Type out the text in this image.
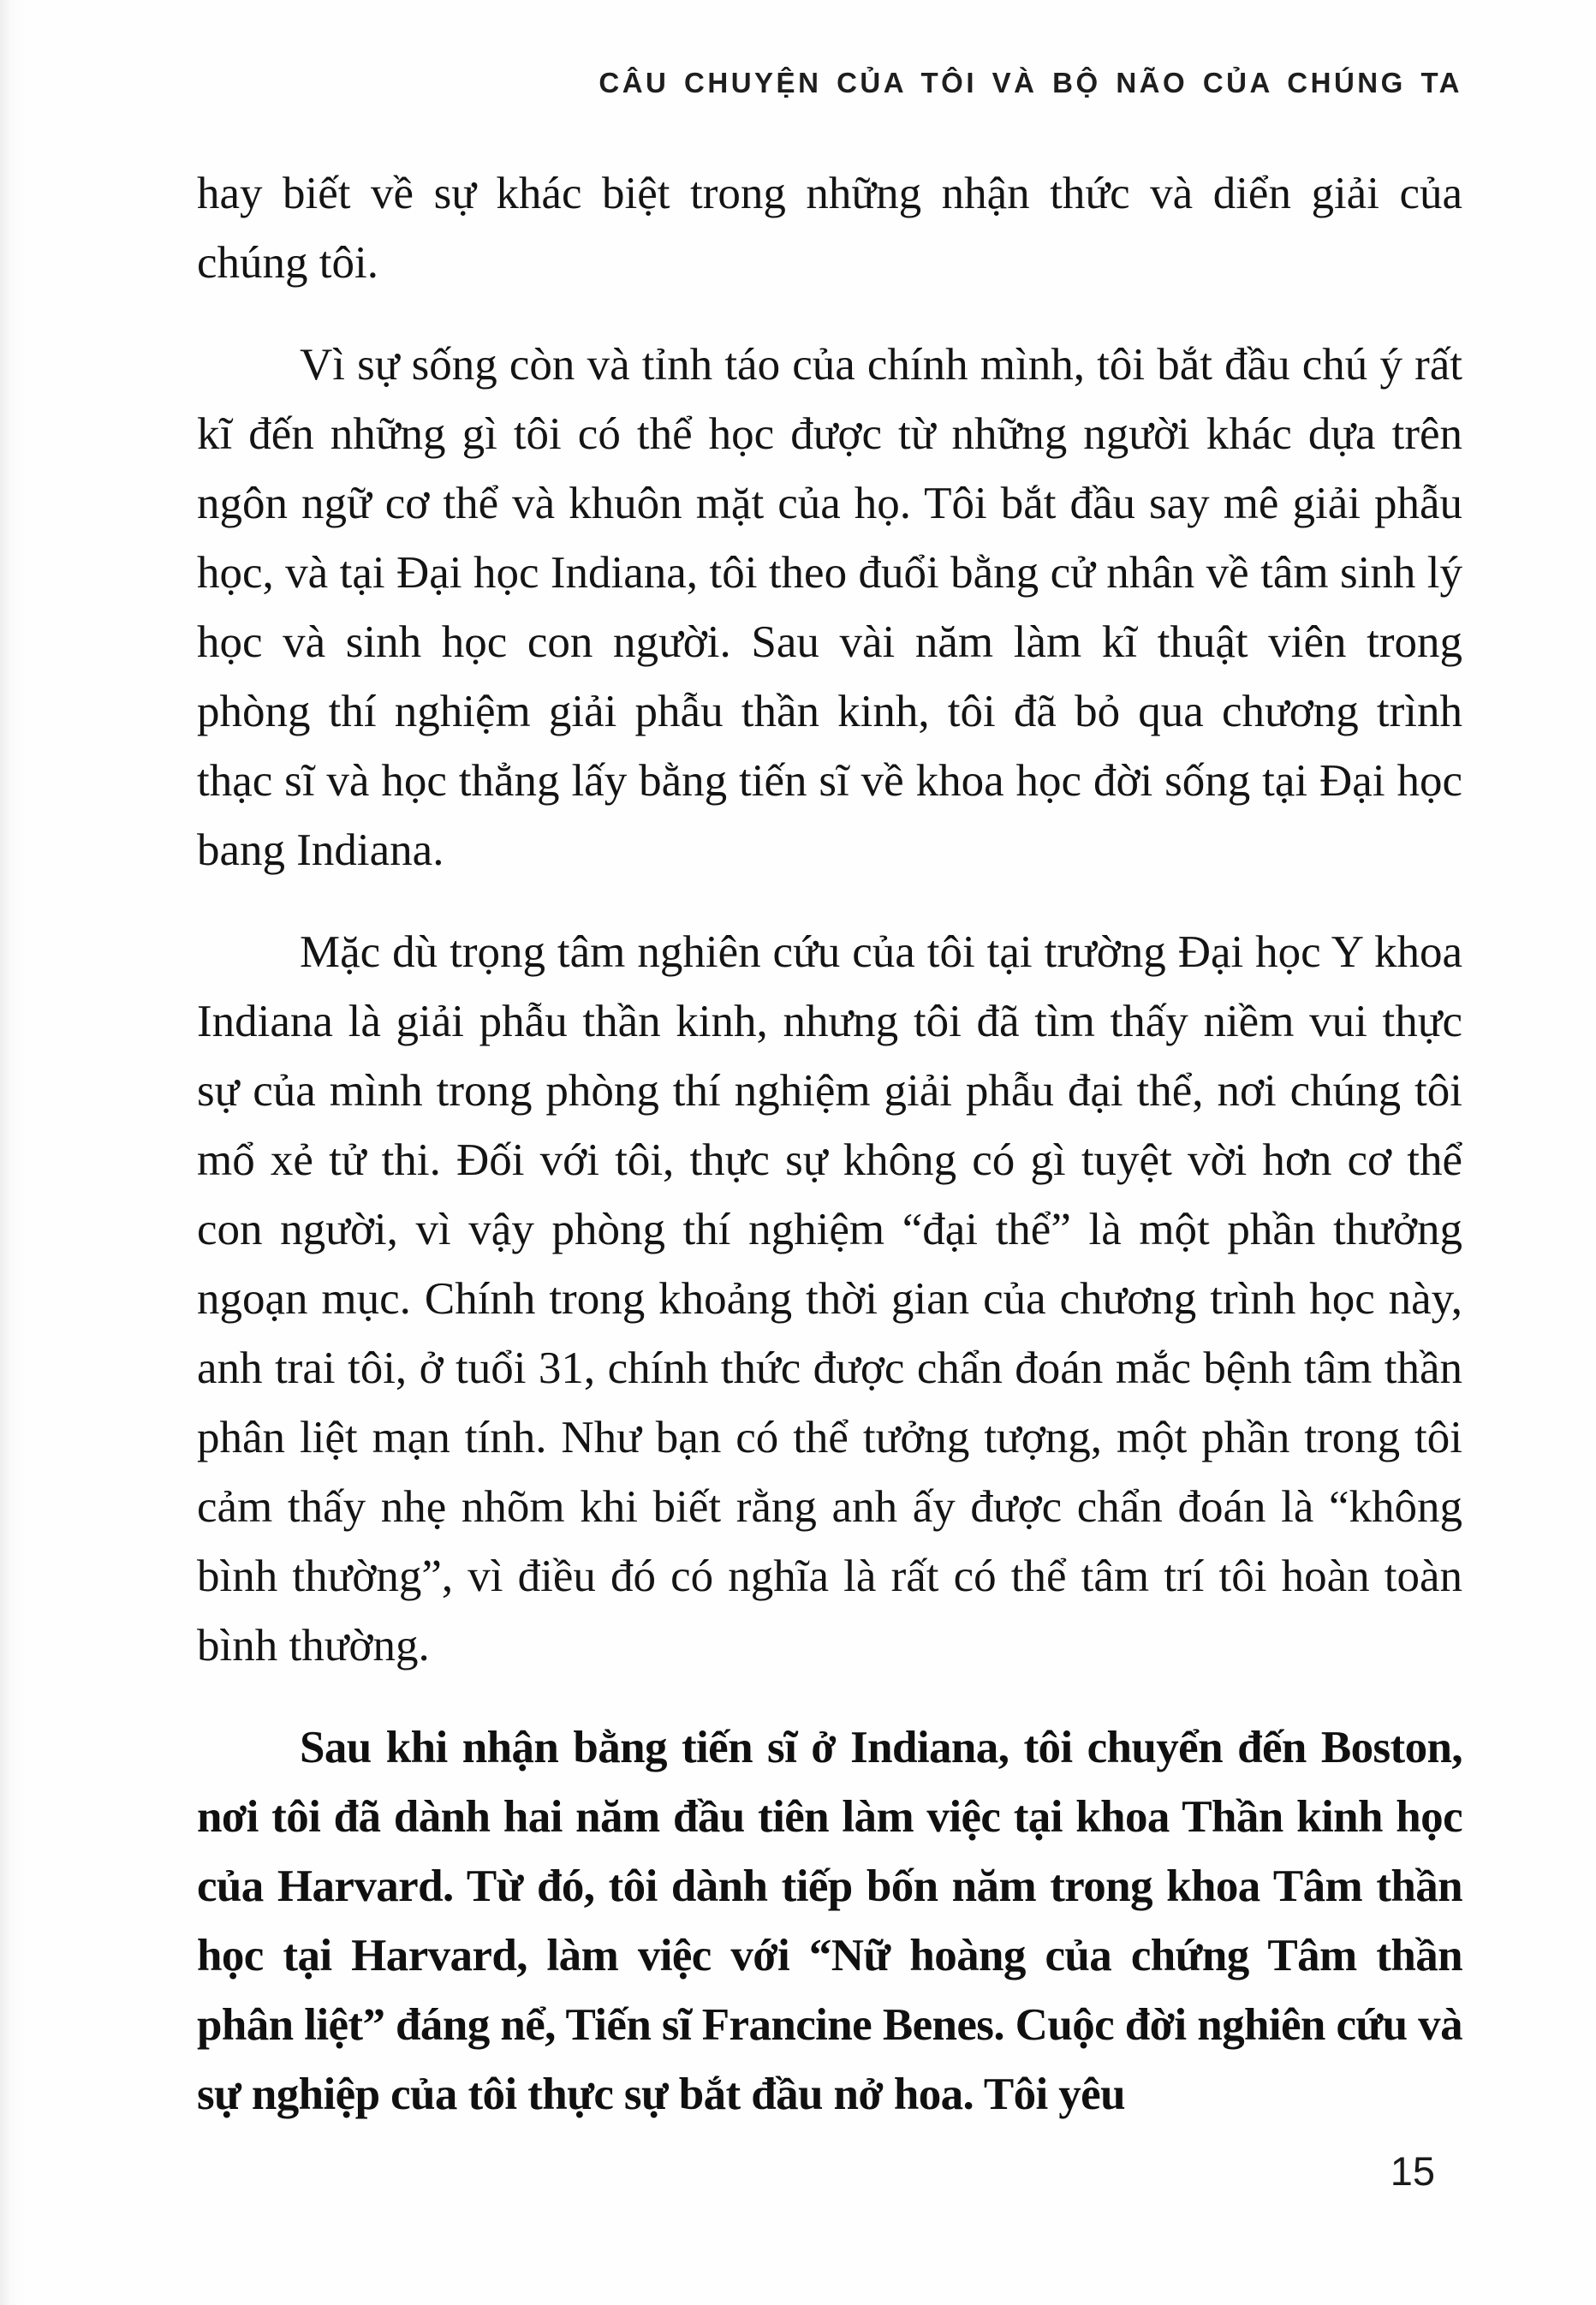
CÂU CHUYỆN CỦA TÔI VÀ BỘ NÃO CỦA CHÚNG TA

hay biết về sự khác biệt trong những nhận thức và diển giải của chúng tôi.

Vì sự sống còn và tỉnh táo của chính mình, tôi bắt đầu chú ý rất kĩ đến những gì tôi có thể học được từ những người khác dựa trên ngôn ngữ cơ thể và khuôn mặt của họ. Tôi bắt đầu say mê giải phẫu học, và tại Đại học Indiana, tôi theo đuổi bằng cử nhân về tâm sinh lý học và sinh học con người. Sau vài năm làm kĩ thuật viên trong phòng thí nghiệm giải phẫu thần kinh, tôi đã bỏ qua chương trình thạc sĩ và học thẳng lấy bằng tiến sĩ về khoa học đời sống tại Đại học bang Indiana.

Mặc dù trọng tâm nghiên cứu của tôi tại trường Đại học Y khoa Indiana là giải phẫu thần kinh, nhưng tôi đã tìm thấy niềm vui thực sự của mình trong phòng thí nghiệm giải phẫu đại thể, nơi chúng tôi mổ xẻ tử thi. Đối với tôi, thực sự không có gì tuyệt vời hơn cơ thể con người, vì vậy phòng thí nghiệm “đại thể” là một phần thưởng ngoạn mục. Chính trong khoảng thời gian của chương trình học này, anh trai tôi, ở tuổi 31, chính thức được chẩn đoán mắc bệnh tâm thần phân liệt mạn tính. Như bạn có thể tưởng tượng, một phần trong tôi cảm thấy nhẹ nhõm khi biết rằng anh ấy được chẩn đoán là “không bình thường”, vì điều đó có nghĩa là rất có thể tâm trí tôi hoàn toàn bình thường.

Sau khi nhận bằng tiến sĩ ở Indiana, tôi chuyển đến Boston, nơi tôi đã dành hai năm đầu tiên làm việc tại khoa Thần kinh học của Harvard. Từ đó, tôi dành tiếp bốn năm trong khoa Tâm thần học tại Harvard, làm việc với “Nữ hoàng của chứng Tâm thần phân liệt” đáng nể, Tiến sĩ Francine Benes. Cuộc đời nghiên cứu và sự nghiệp của tôi thực sự bắt đầu nở hoa. Tôi yêu

15
